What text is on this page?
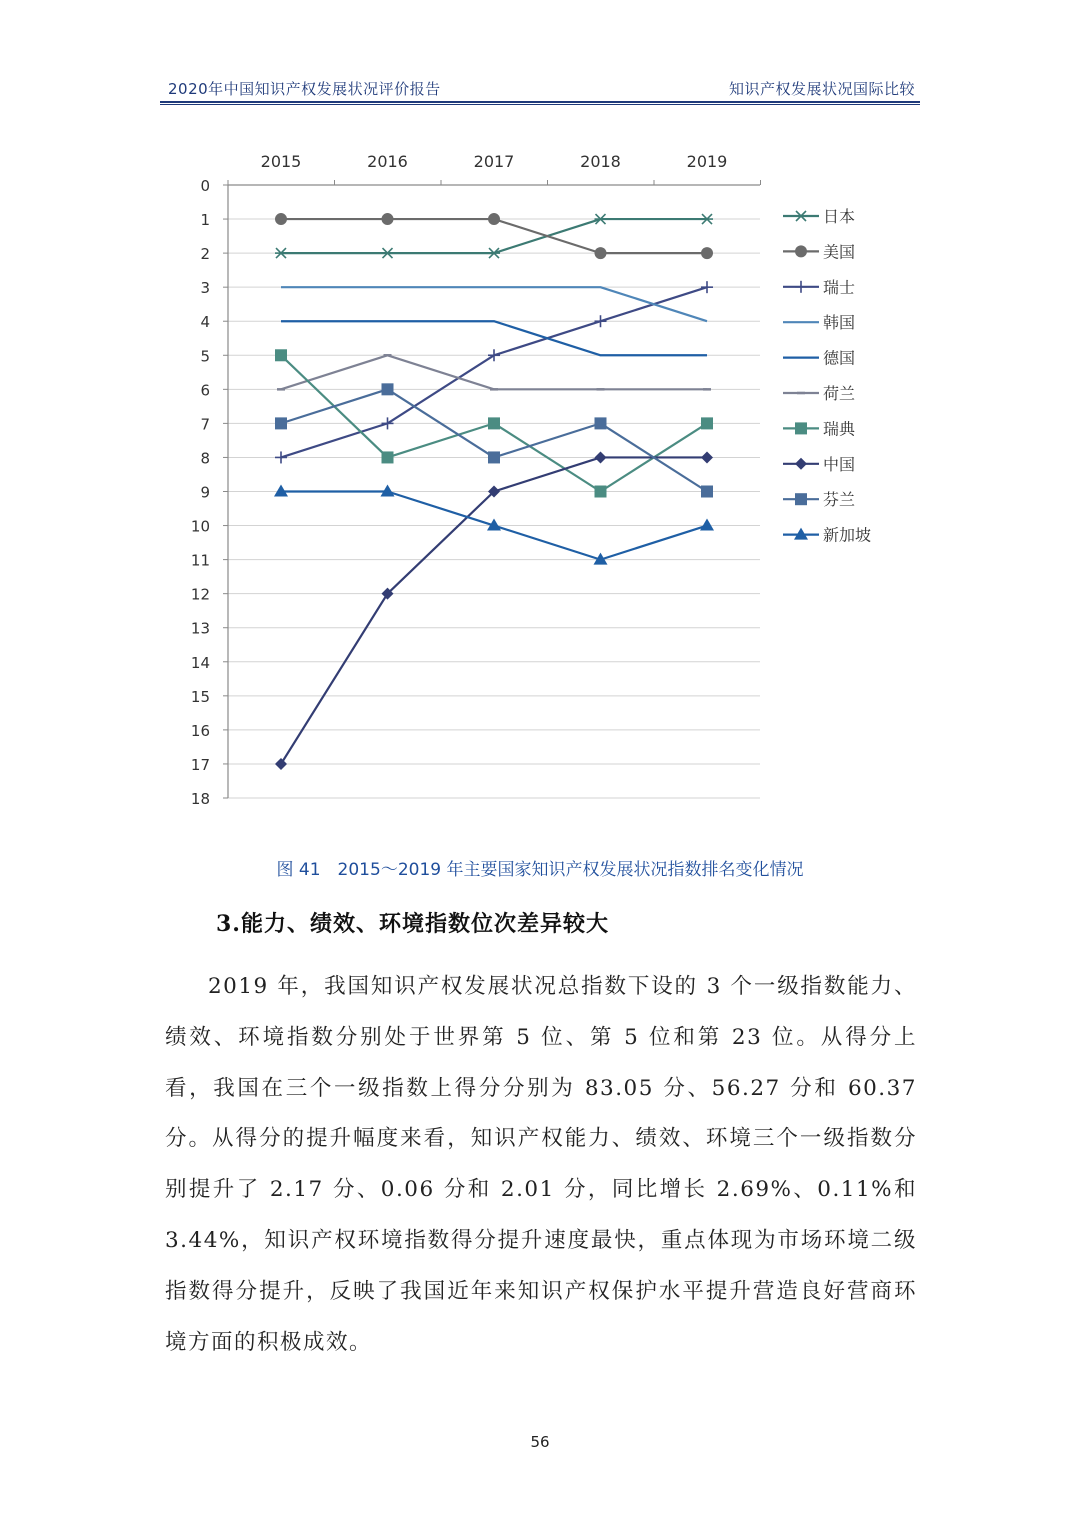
2020年中国知识产权发展状况评价报告	知识产权发展状况国际比较
2015	2016	2017	2018	2019
0
1
2
3
4
5
6
7
8
9
10
11
12
13
14
15
16
17
18
日本
美国
瑞士
韩国
德国
荷兰
瑞典
中国
芬兰
新加坡
图 41　2015～2019 年主要国家知识产权发展状况指数排名变化情况
3.能力、绩效、环境指数位次差异较大
2019 年，我国知识产权发展状况总指数下设的 3 个一级指数能力、绩效、环境指数分别处于世界第 5 位、第 5 位和第 23 位。从得分上看，我国在三个一级指数上得分分别为 83.05 分、56.27 分和 60.37 分。从得分的提升幅度来看，知识产权能力、绩效、环境三个一级指数分别提升了 2.17 分、0.06 分和 2.01 分，同比增长 2.69%、0.11%和 3.44%，知识产权环境指数得分提升速度最快，重点体现为市场环境二级指数得分提升，反映了我国近年来知识产权保护水平提升营造良好营商环境方面的积极成效。
56
